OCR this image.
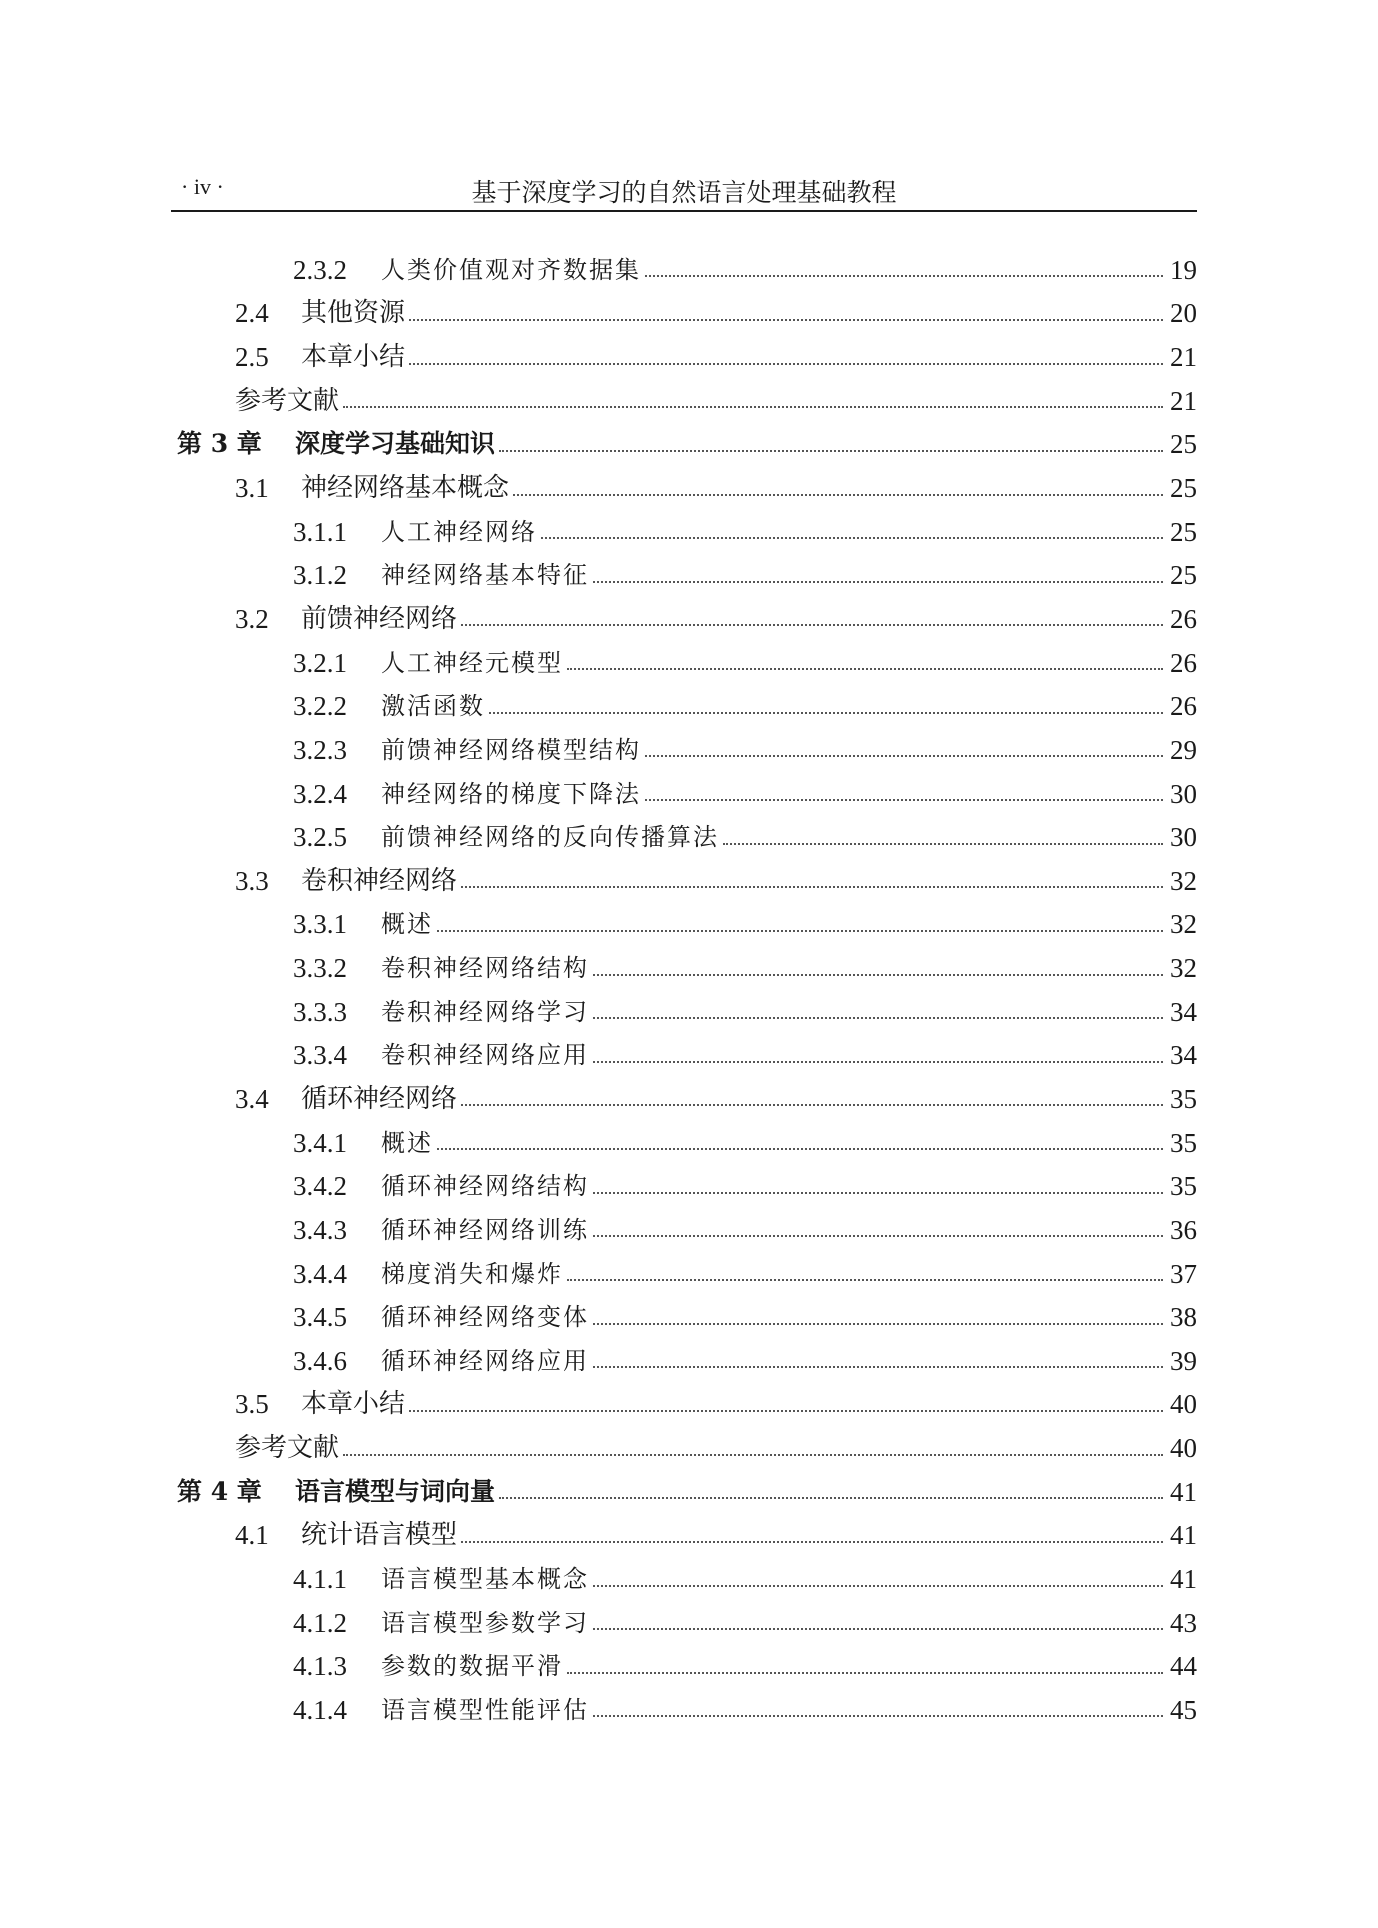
· iv ·	基于深度学习的自然语言处理基础教程
2.3.2	人类价值观对齐数据集	19
2.4	其他资源	20
2.5	本章小结	21
参考文献	21
第 3 章	深度学习基础知识	25
3.1	神经网络基本概念	25
3.1.1	人工神经网络	25
3.1.2	神经网络基本特征	25
3.2	前馈神经网络	26
3.2.1	人工神经元模型	26
3.2.2	激活函数	26
3.2.3	前馈神经网络模型结构	29
3.2.4	神经网络的梯度下降法	30
3.2.5	前馈神经网络的反向传播算法	30
3.3	卷积神经网络	32
3.3.1	概述	32
3.3.2	卷积神经网络结构	32
3.3.3	卷积神经网络学习	34
3.3.4	卷积神经网络应用	34
3.4	循环神经网络	35
3.4.1	概述	35
3.4.2	循环神经网络结构	35
3.4.3	循环神经网络训练	36
3.4.4	梯度消失和爆炸	37
3.4.5	循环神经网络变体	38
3.4.6	循环神经网络应用	39
3.5	本章小结	40
参考文献	40
第 4 章	语言模型与词向量	41
4.1	统计语言模型	41
4.1.1	语言模型基本概念	41
4.1.2	语言模型参数学习	43
4.1.3	参数的数据平滑	44
4.1.4	语言模型性能评估	45
